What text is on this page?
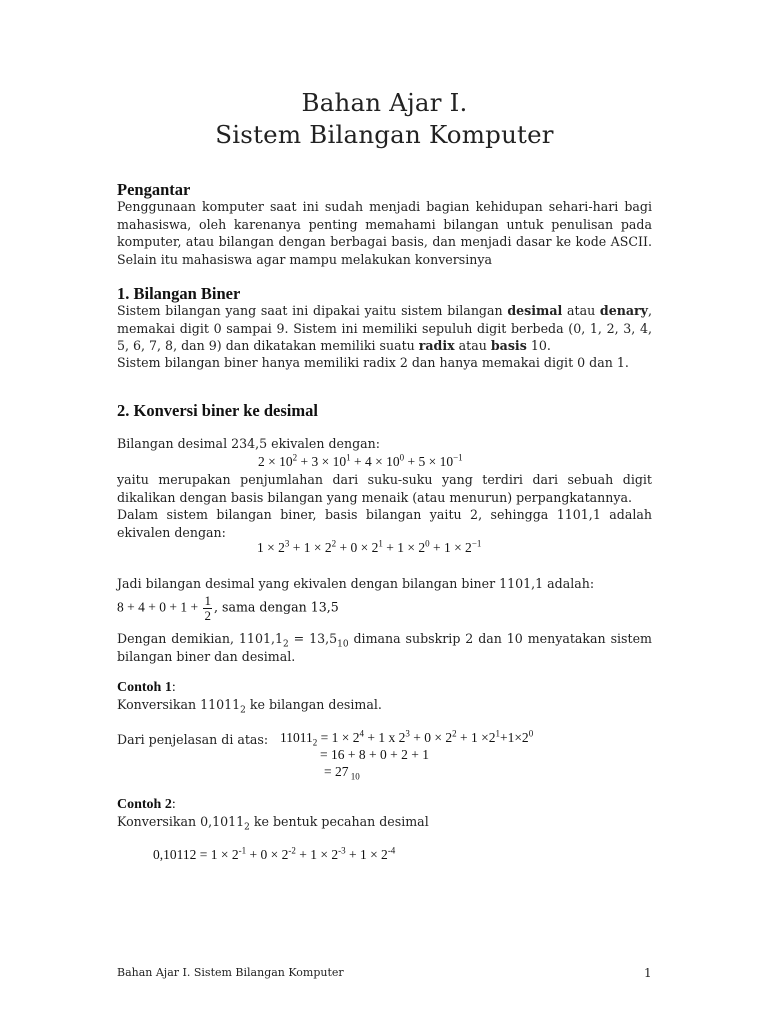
Bahan Ajar I.
Sistem Bilangan Komputer
Pengantar
Penggunaan komputer saat ini sudah menjadi bagian kehidupan sehari-hari bagi mahasiswa, oleh karenanya penting memahami bilangan untuk penulisan pada komputer, atau bilangan dengan berbagai basis, dan menjadi dasar ke kode ASCII. Selain itu mahasiswa agar mampu melakukan konversinya
1. Bilangan Biner
Sistem bilangan yang saat ini dipakai yaitu sistem bilangan desimal atau denary, memakai digit 0 sampai 9. Sistem ini memiliki sepuluh digit berbeda (0, 1, 2, 3, 4, 5, 6, 7, 8, dan 9) dan dikatakan memiliki suatu radix atau basis 10.
Sistem bilangan biner hanya memiliki radix 2 dan hanya memakai digit 0 dan 1.
2. Konversi biner ke desimal
Bilangan desimal 234,5 ekivalen dengan:
$2 \times 10^2 + 3 \times 10^1 + 4 \times 10^0 + 5 \times 10^{-1}$
yaitu merupakan penjumlahan dari suku-suku yang terdiri dari sebuah digit dikalikan dengan basis bilangan yang menaik (atau menurun) perpangkatannya.
Dalam sistem bilangan biner, basis bilangan yaitu 2, sehingga 1101,1 adalah ekivalen dengan:
$1 \times 2^3 + 1 \times 2^2 + 0 \times 2^1 + 1 \times 2^0 + 1 \times 2^{-1}$
Jadi bilangan desimal yang ekivalen dengan bilangan biner 1101,1 adalah:
$8 + 4 + 0 + 1 + \frac{1}{2}$ , sama dengan 13,5
Dengan demikian, $1101,1_2 = 13,5_{10}$ dimana subskrip 2 dan 10 menyatakan sistem bilangan biner dan desimal.
Contoh 1:
Konversikan $11011_2$ ke bilangan desimal.
Dari penjelasan di atas: $11011_2 = 1 \times 2^4 + 1$ x $2^3 + 0 \times 2^2 + 1 \times 2^1+1\times 2^0$
= 16 + 8 + 0 + 2 + 1
= 27 $_{10}$
Contoh 2:
Konversikan $0,1011_2$ ke bentuk pecahan desimal
$0,10112 = 1 \times 2^{-1} + 0 \times 2^{-2} + 1 \times 2^{-3} + 1 \times 2^{-4}$
Bahan Ajar I. Sistem Bilangan Komputer	1
